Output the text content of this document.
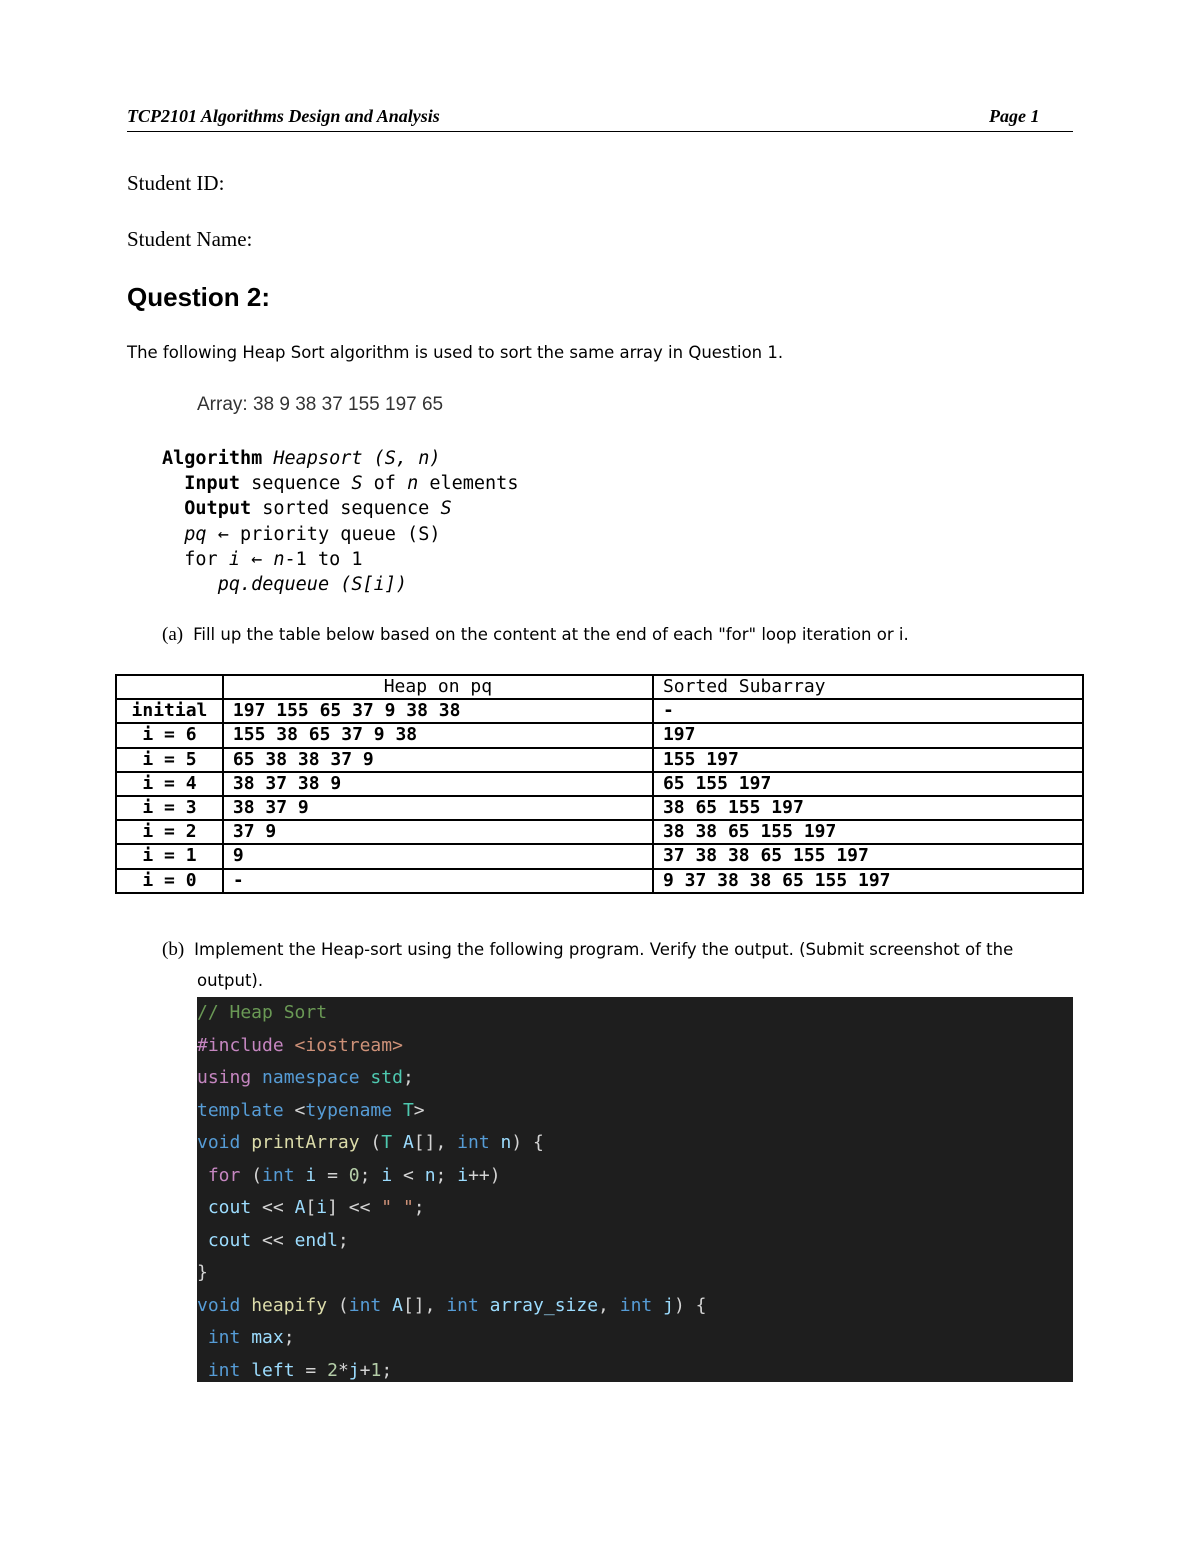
TCP2101 Algorithms Design and Analysis	Page 1
Student ID:
Student Name:
Question 2:
The following Heap Sort algorithm is used to sort the same array in Question 1.
Array: 38 9 38 37 155 197 65
Algorithm Heapsort (S, n)
Input sequence S of n elements
Output sorted sequence S
pq ← priority queue (S)
for i ← n-1 to 1
pq.dequeue (S[i])
(a) Fill up the table below based on the content at the end of each "for" loop iteration or i.
	Heap on pq	Sorted Subarray
initial	197 155 65 37 9 38 38	-
i = 6	155 38 65 37 9 38	197
i = 5	65 38 38 37 9	155 197
i = 4	38 37 38 9	65 155 197
i = 3	38 37 9	38 65 155 197
i = 2	37 9	38 38 65 155 197
i = 1	9	37 38 38 65 155 197
i = 0	-	9 37 38 38 65 155 197
(b) Implement the Heap-sort using the following program. Verify the output. (Submit screenshot of the
output).
// Heap Sort
#include <iostream>
using namespace std;
template <typename T>
void printArray (T A[], int n) {
for (int i = 0; i < n; i++)
cout << A[i] << " ";
cout << endl;
}
void heapify (int A[], int array_size, int j) {
int max;
int left = 2*j+1;
